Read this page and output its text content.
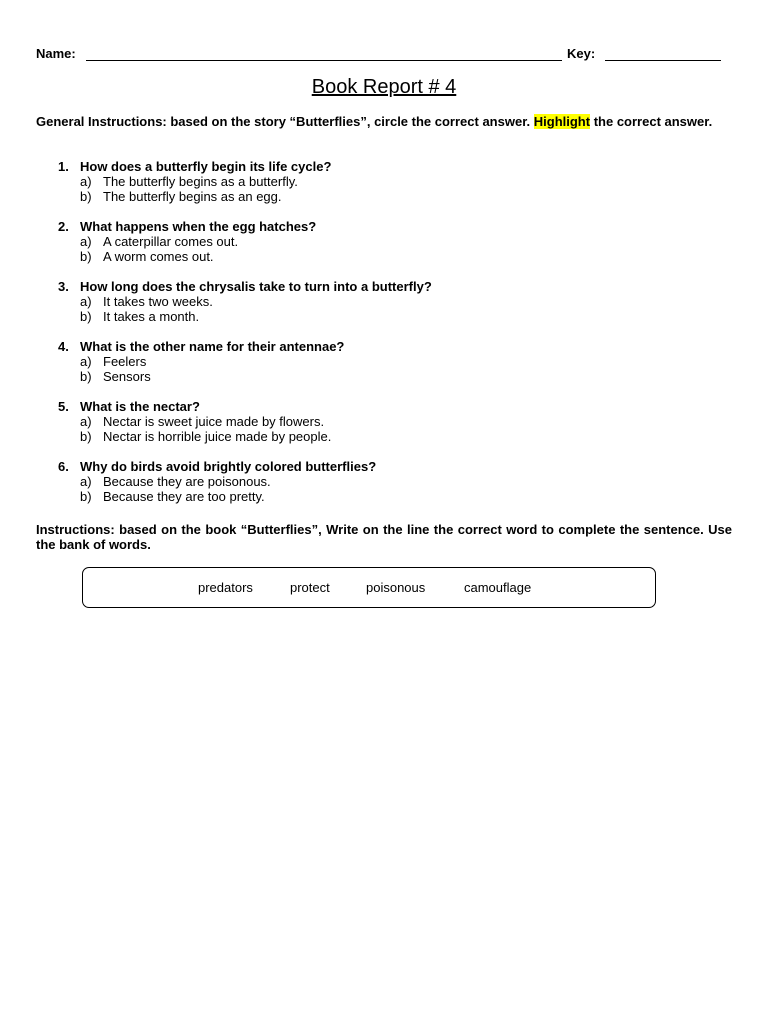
Name:	Key:
Book Report # 4
General Instructions: based on the story “Butterflies”, circle the correct answer. Highlight the correct answer.
1. How does a butterfly begin its life cycle?
a) The butterfly begins as a butterfly.
b) The butterfly begins as an egg.
2. What happens when the egg hatches?
a) A caterpillar comes out.
b) A worm comes out.
3. How long does the chrysalis take to turn into a butterfly?
a) It takes two weeks.
b) It takes a month.
4. What is the other name for their antennae?
a) Feelers
b) Sensors
5. What is the nectar?
a) Nectar is sweet juice made by flowers.
b) Nectar is horrible juice made by people.
6. Why do birds avoid brightly colored butterflies?
a) Because they are poisonous.
b) Because they are too pretty.
Instructions: based on the book “Butterflies”, Write on the line the correct word to complete the sentence. Use the bank of words.
predators	protect	poisonous	camouflage
